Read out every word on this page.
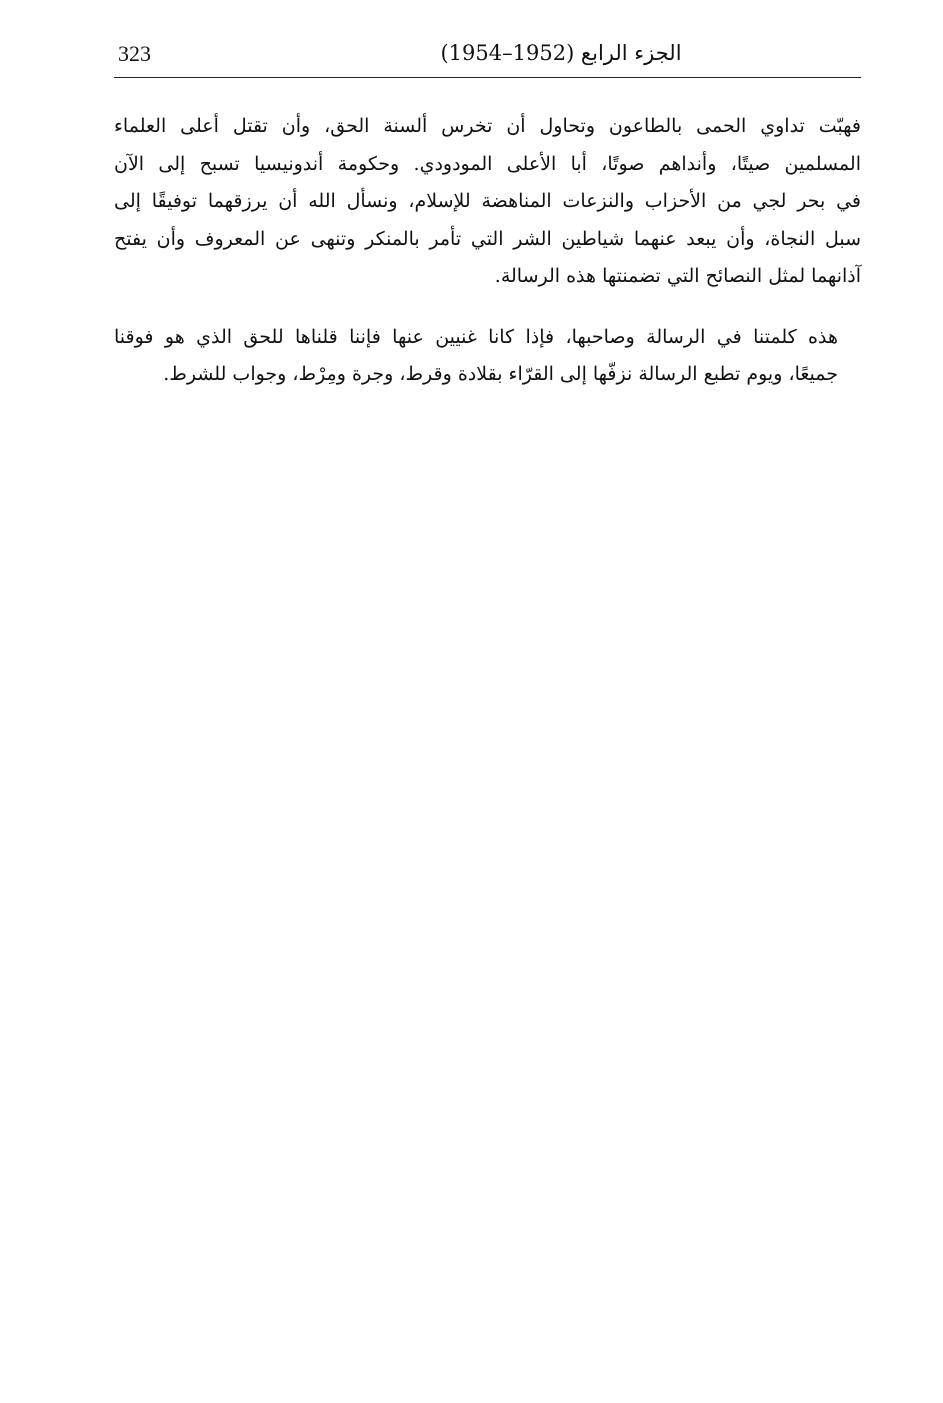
323	الجزء الرابع (1952–1954)

فهبّت تداوي الحمى بالطاعون وتحاول أن تخرس ألسنة الحق، وأن تقتل أعلى العلماء
المسلمين صيتًا، وأنداهم صوتًا، أبا الأعلى المودودي. وحكومة أندونيسيا تسبح إلى الآن
في بحر لجي من الأحزاب والنزعات المناهضة للإسلام، ونسأل الله أن يرزقهما توفيقًا إلى
سبل النجاة، وأن يبعد عنهما شياطين الشر التي تأمر بالمنكر وتنهى عن المعروف وأن يفتح
آذانهما لمثل النصائح التي تضمنتها هذه الرسالة.

هذه كلمتنا في الرسالة وصاحبها، فإذا كانا غنيين عنها فإننا قلناها للحق الذي هو فوقنا
جميعًا، ويوم تطبع الرسالة نزفّها إلى القرّاء بقلادة وقرط، وجرة ومِرْط، وجواب للشرط.
